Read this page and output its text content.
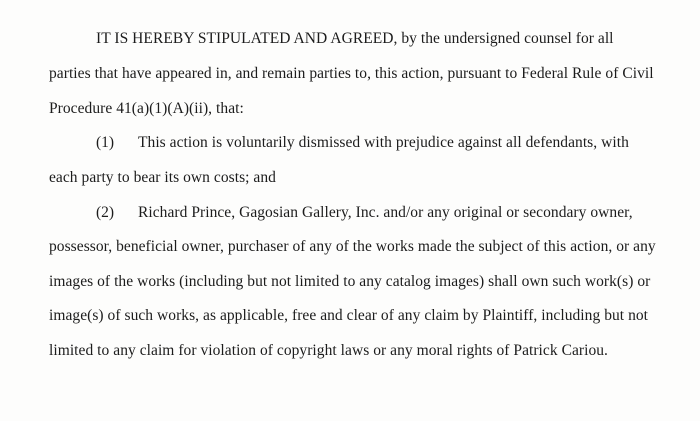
IT IS HEREBY STIPULATED AND AGREED, by the undersigned counsel for all
parties that have appeared in, and remain parties to, this action, pursuant to Federal Rule of Civil
Procedure 41(a)(1)(A)(ii), that:
(1) This action is voluntarily dismissed with prejudice against all defendants, with
each party to bear its own costs; and
(2) Richard Prince, Gagosian Gallery, Inc. and/or any original or secondary owner,
possessor, beneficial owner, purchaser of any of the works made the subject of this action, or any
images of the works (including but not limited to any catalog images) shall own such work(s) or
image(s) of such works, as applicable, free and clear of any claim by Plaintiff, including but not
limited to any claim for violation of copyright laws or any moral rights of Patrick Cariou.
